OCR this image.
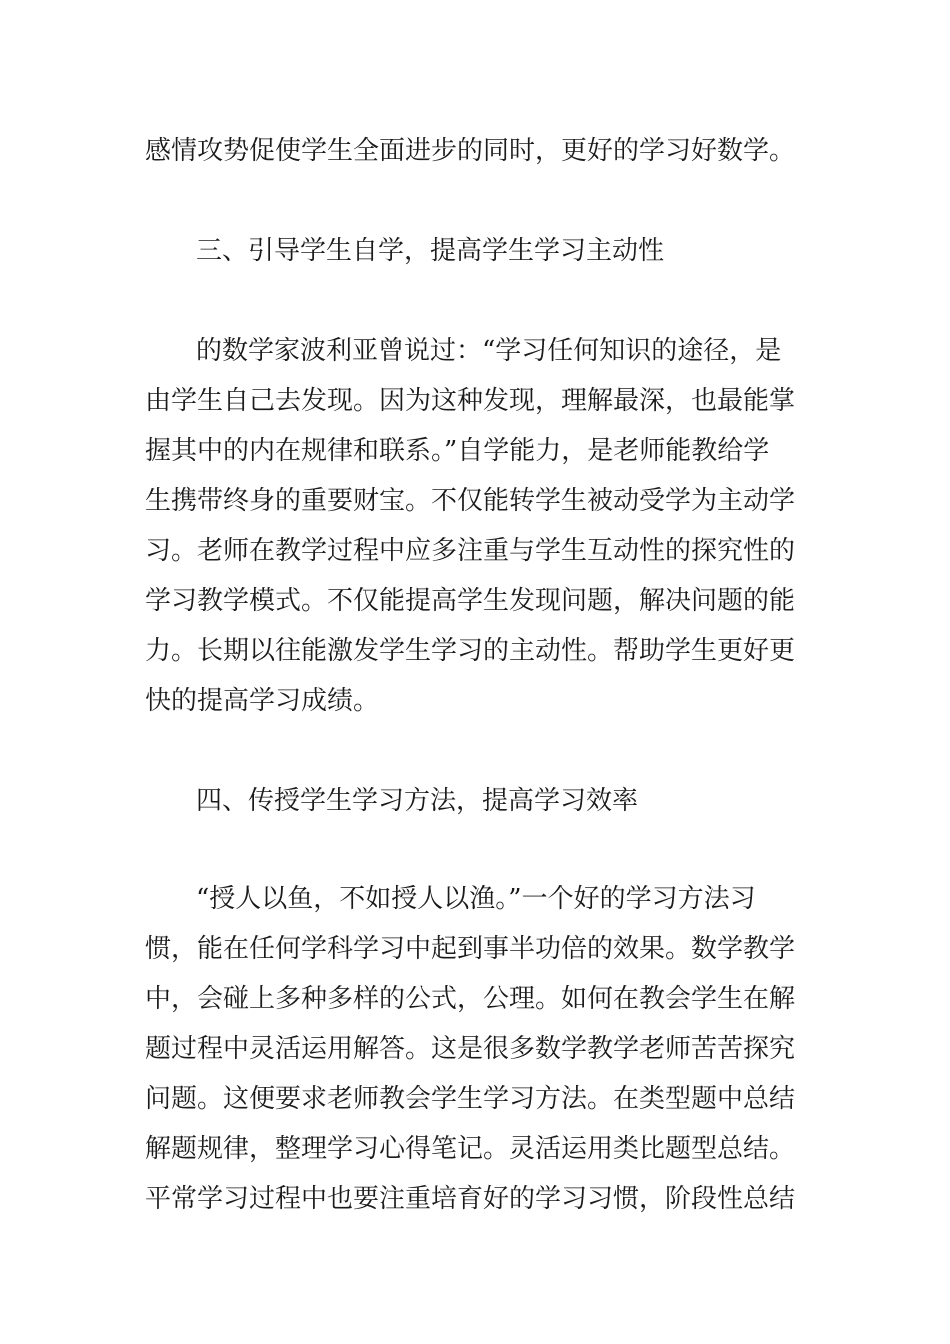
感情攻势促使学生全面进步的同时，更好的学习好数学。
三、引导学生自学，提高学生学习主动性
的数学家波利亚曾说过：“学习任何知识的途径，是
由学生自己去发现。因为这种发现，理解最深，也最能掌
握其中的内在规律和联系。”自学能力，是老师能教给学
生携带终身的重要财宝。不仅能转学生被动受学为主动学
习。老师在教学过程中应多注重与学生互动性的探究性的
学习教学模式。不仅能提高学生发现问题，解决问题的能
力。长期以往能激发学生学习的主动性。帮助学生更好更
快的提高学习成绩。
四、传授学生学习方法，提高学习效率
“授人以鱼，不如授人以渔。”一个好的学习方法习
惯，能在任何学科学习中起到事半功倍的效果。数学教学
中，会碰上多种多样的公式，公理。如何在教会学生在解
题过程中灵活运用解答。这是很多数学教学老师苦苦探究
问题。这便要求老师教会学生学习方法。在类型题中总结
解题规律，整理学习心得笔记。灵活运用类比题型总结。
平常学习过程中也要注重培育好的学习习惯，阶段性总结
